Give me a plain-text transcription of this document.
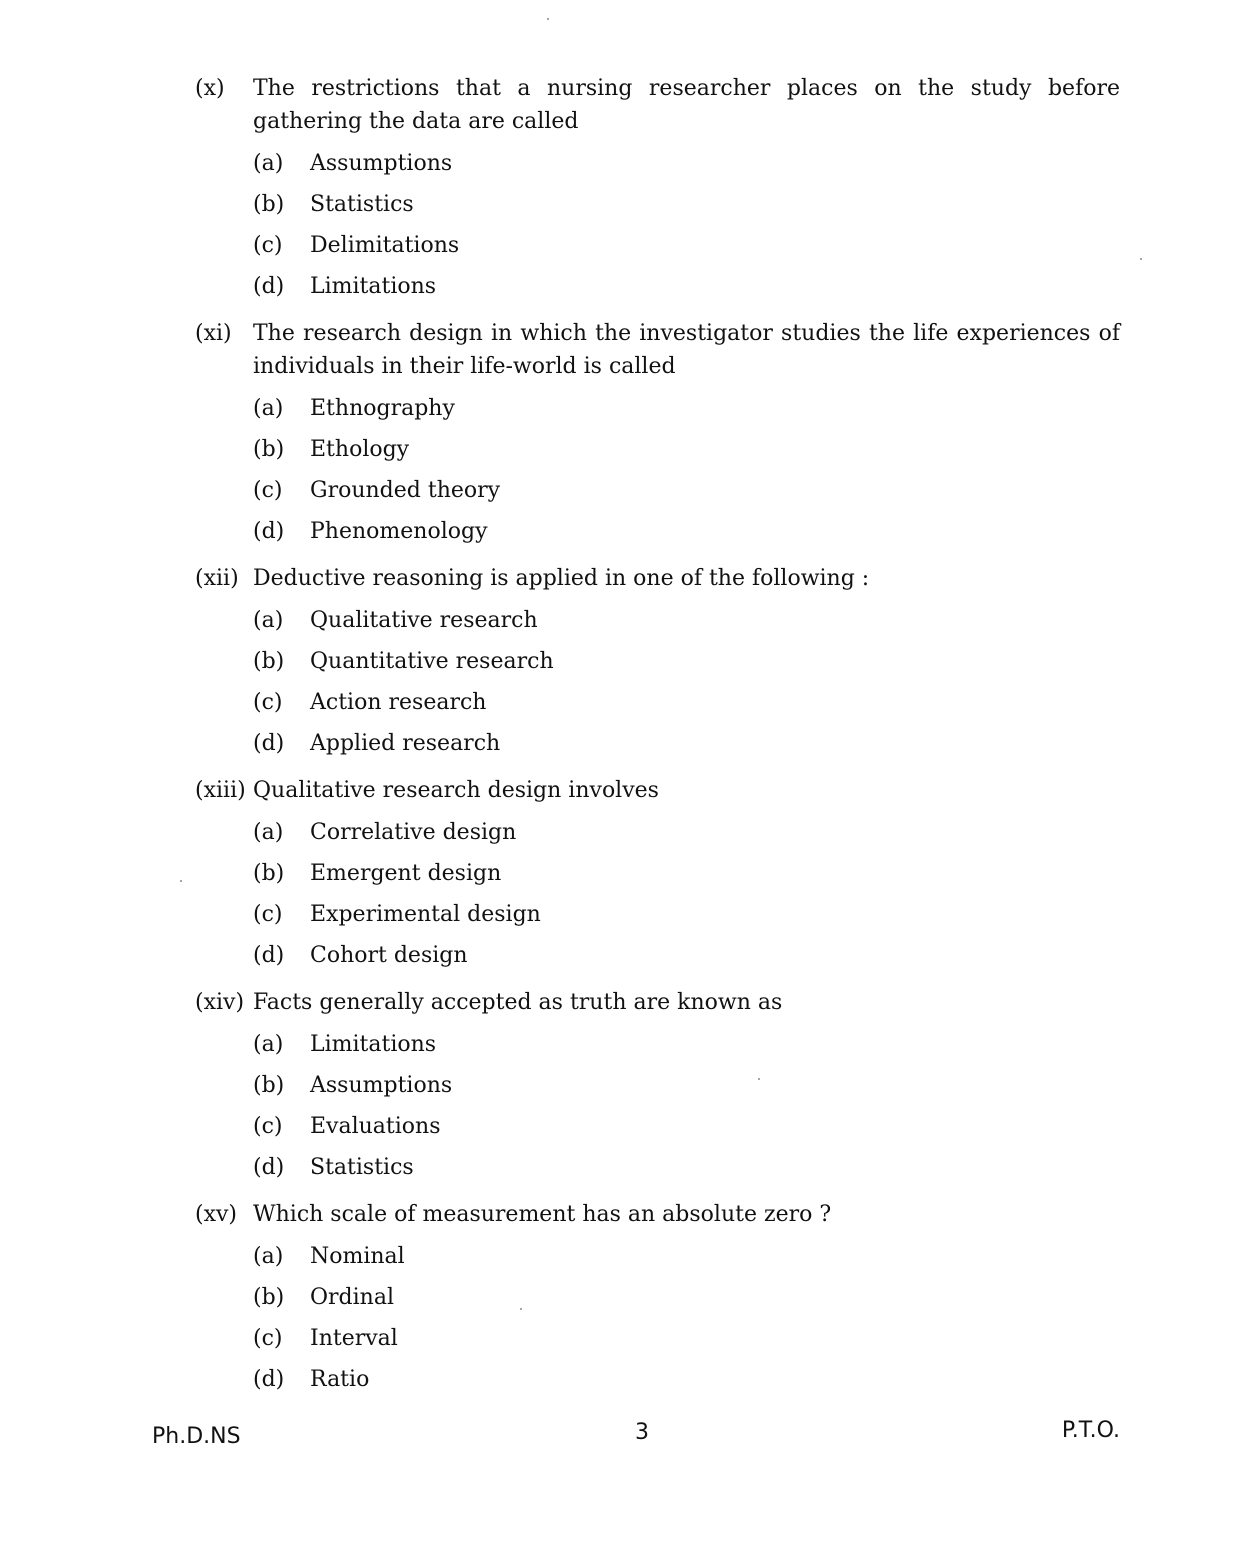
(x)	The restrictions that a nursing researcher places on the study before gathering the data are called
(a)	Assumptions
(b)	Statistics
(c)	Delimitations
(d)	Limitations
(xi) The research design in which the investigator studies the life experiences of individuals in their life-world is called
(a)	Ethnography
(b)	Ethology
(c)	Grounded theory
(d)	Phenomenology
(xii) Deductive reasoning is applied in one of the following :
(a)	Qualitative research
(b)	Quantitative research
(c)	Action research
(d)	Applied research
(xiii) Qualitative research design involves
(a)	Correlative design
(b)	Emergent design
(c)	Experimental design
(d)	Cohort design
(xiv) Facts generally accepted as truth are known as
(a)	Limitations
(b)	Assumptions
(c)	Evaluations
(d)	Statistics
(xv) Which scale of measurement has an absolute zero ?
(a)	Nominal
(b)	Ordinal
(c)	Interval
(d)	Ratio
Ph.D.NS	3	P.T.O.
